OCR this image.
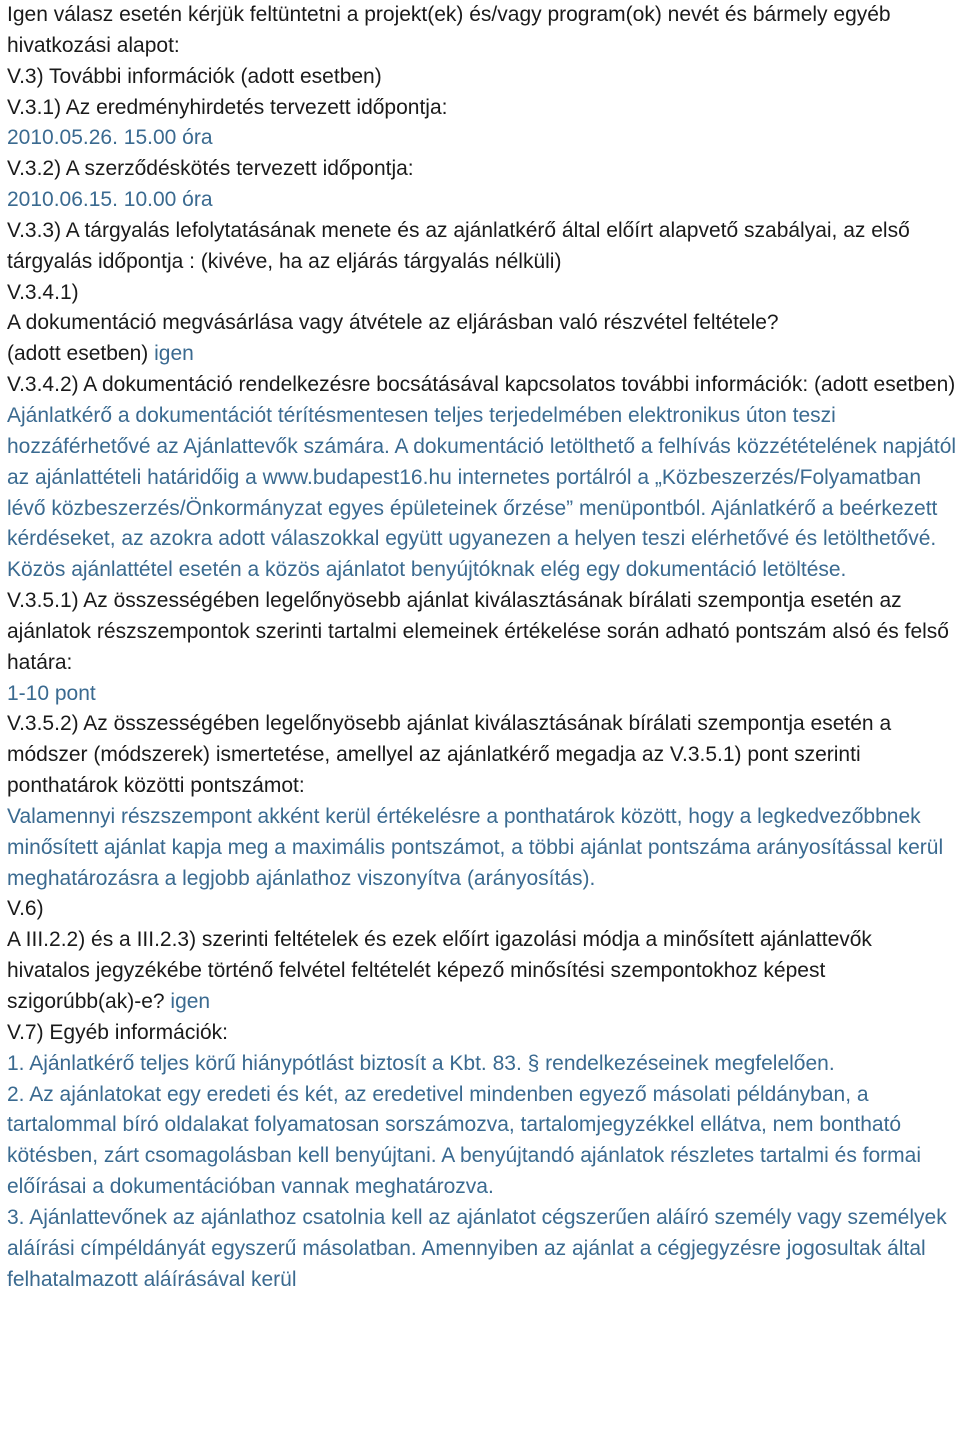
Igen válasz esetén kérjük feltüntetni a projekt(ek) és/vagy program(ok) nevét és bármely egyéb hivatkozási alapot:

V.3) További információk (adott esetben)

V.3.1) Az eredményhirdetés tervezett időpontja:

2010.05.26. 15.00 óra

V.3.2) A szerződéskötés tervezett időpontja:

2010.06.15. 10.00 óra

V.3.3) A tárgyalás lefolytatásának menete és az ajánlatkérő által előírt alapvető szabályai, az első tárgyalás időpontja : (kivéve, ha az eljárás tárgyalás nélküli)

V.3.4.1)

A dokumentáció megvásárlása vagy átvétele az eljárásban való részvétel feltétele?

(adott esetben) igen

V.3.4.2) A dokumentáció rendelkezésre bocsátásával kapcsolatos további információk: (adott esetben)

Ajánlatkérő a dokumentációt térítésmentesen teljes terjedelmében elektronikus úton teszi hozzáférhetővé az Ajánlattevők számára. A dokumentáció letölthető a felhívás közzétételének napjától az ajánlattételi határidőig a www.budapest16.hu internetes portálról a „Közbeszerzés/Folyamatban lévő közbeszerzés/Önkormányzat egyes épületeinek őrzése” menüpontból. Ajánlatkérő a beérkezett kérdéseket, az azokra adott válaszokkal együtt ugyanezen a helyen teszi elérhetővé és letölthetővé. Közös ajánlattétel esetén a közös ajánlatot benyújtóknak elég egy dokumentáció letöltése.

V.3.5.1) Az összességében legelőnyösebb ajánlat kiválasztásának bírálati szempontja esetén az ajánlatok részszempontok szerinti tartalmi elemeinek értékelése során adható pontszám alsó és felső határa:

1-10 pont

V.3.5.2) Az összességében legelőnyösebb ajánlat kiválasztásának bírálati szempontja esetén a módszer (módszerek) ismertetése, amellyel az ajánlatkérő megadja az V.3.5.1) pont szerinti ponthatárok közötti pontszámot:

Valamennyi részszempont akként kerül értékelésre a ponthatárok között, hogy a legkedvezőbbnek minősített ajánlat kapja meg a maximális pontszámot, a többi ajánlat pontszáma arányosítással kerül meghatározásra a legjobb ajánlathoz viszonyítva (arányosítás).

V.6)

A III.2.2) és a III.2.3) szerinti feltételek és ezek előírt igazolási módja a minősített ajánlattevők hivatalos jegyzékébe történő felvétel feltételét képező minősítési szempontokhoz képest szigorúbb(ak)-e? igen

V.7) Egyéb információk:

1. Ajánlatkérő teljes körű hiánypótlást biztosít a Kbt. 83. § rendelkezéseinek megfelelően.

2. Az ajánlatokat egy eredeti és két, az eredetivel mindenben egyező másolati példányban, a tartalommal bíró oldalakat folyamatosan sorszámozva, tartalomjegyzékkel ellátva, nem bontható kötésben, zárt csomagolásban kell benyújtani. A benyújtandó ajánlatok részletes tartalmi és formai előírásai a dokumentációban vannak meghatározva.

3. Ajánlattevőnek az ajánlathoz csatolnia kell az ajánlatot cégszerűen aláíró személy vagy személyek aláírási címpéldányát egyszerű másolatban. Amennyiben az ajánlat a cégjegyzésre jogosultak által felhatalmazott aláírásával kerül
